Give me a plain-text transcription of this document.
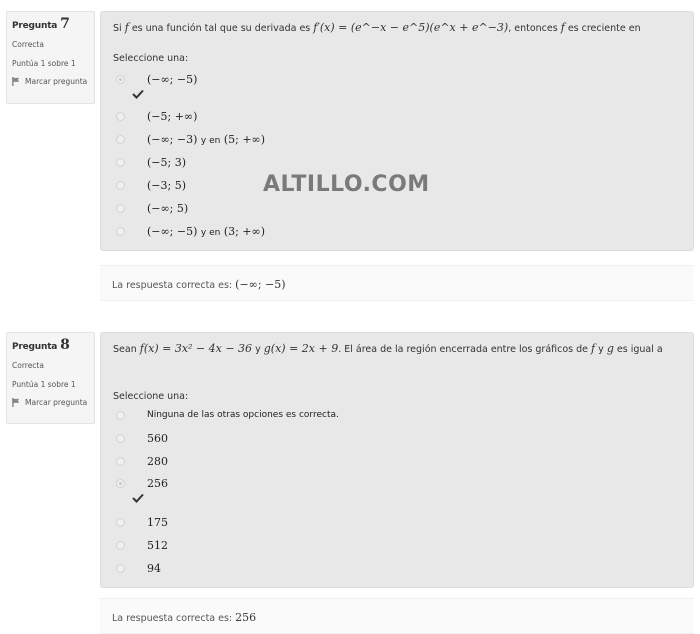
Pregunta 7
Correcta
Puntúa 1 sobre 1
Marcar pregunta
Si f es una función tal que su derivada es f′(x) = (e^−x − e^5)(e^x + e^−3), entonces f es creciente en
Seleccione una:
(−∞; −5)
(−5; +∞)
(−∞; −3) y en (5; +∞)
(−5; 3)
(−3; 5)
(−∞; 5)
(−∞; −5) y en (3; +∞)
La respuesta correcta es: (−∞; −5)
Pregunta 8
Correcta
Puntúa 1 sobre 1
Marcar pregunta
Sean f(x) = 3x² − 4x − 36 y g(x) = 2x + 9. El área de la región encerrada entre los gráficos de f y g es igual a
Seleccione una:
Ninguna de las otras opciones es correcta.
560
280
256
175
512
94
La respuesta correcta es: 256
ALTILLO.COM
